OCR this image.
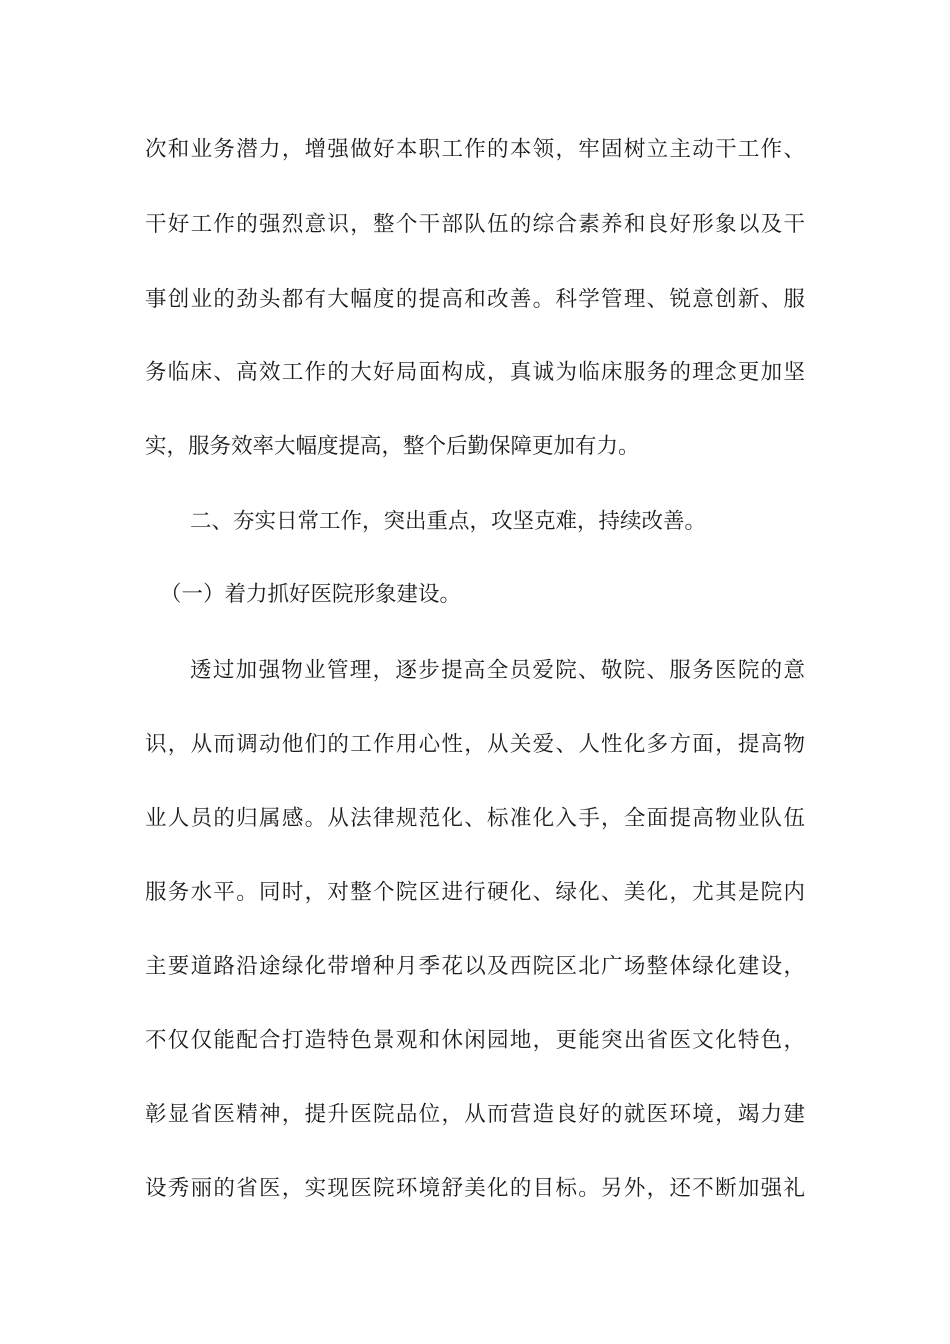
次和业务潜力，增强做好本职工作的本领，牢固树立主动干工作、
干好工作的强烈意识，整个干部队伍的综合素养和良好形象以及干
事创业的劲头都有大幅度的提高和改善。科学管理、锐意创新、服
务临床、高效工作的大好局面构成，真诚为临床服务的理念更加坚
实，服务效率大幅度提高，整个后勤保障更加有力。
二、夯实日常工作，突出重点，攻坚克难，持续改善。
（一）着力抓好医院形象建设。
透过加强物业管理，逐步提高全员爱院、敬院、服务医院的意
识，从而调动他们的工作用心性，从关爱、人性化多方面，提高物
业人员的归属感。从法律规范化、标准化入手，全面提高物业队伍
服务水平。同时，对整个院区进行硬化、绿化、美化，尤其是院内
主要道路沿途绿化带增种月季花以及西院区北广场整体绿化建设，
不仅仅能配合打造特色景观和休闲园地，更能突出省医文化特色，
彰显省医精神，提升医院品位，从而营造良好的就医环境，竭力建
设秀丽的省医，实现医院环境舒美化的目标。另外，还不断加强礼
